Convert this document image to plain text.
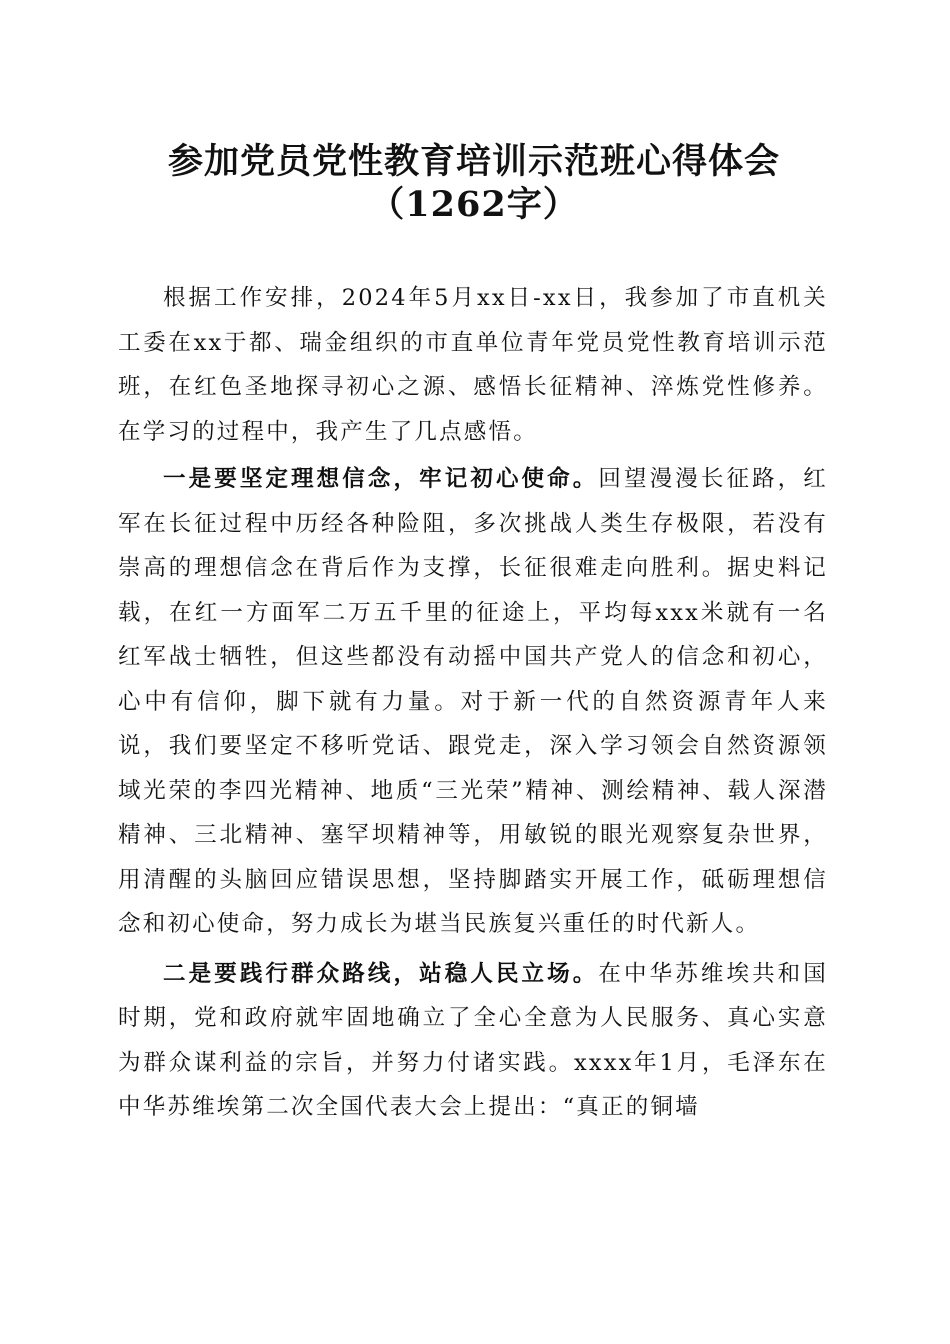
参加党员党性教育培训示范班心得体会（1262字）

根据工作安排，2024年5月xx日-xx日，我参加了市直机关工委在xx于都、瑞金组织的市直单位青年党员党性教育培训示范班，在红色圣地探寻初心之源、感悟长征精神、淬炼党性修养。在学习的过程中，我产生了几点感悟。

一是要坚定理想信念，牢记初心使命。回望漫漫长征路，红军在长征过程中历经各种险阻，多次挑战人类生存极限，若没有崇高的理想信念在背后作为支撑，长征很难走向胜利。据史料记载，在红一方面军二万五千里的征途上，平均每xxx米就有一名红军战士牺牲，但这些都没有动摇中国共产党人的信念和初心，心中有信仰，脚下就有力量。对于新一代的自然资源青年人来说，我们要坚定不移听党话、跟党走，深入学习领会自然资源领域光荣的李四光精神、地质“三光荣”精神、测绘精神、载人深潜精神、三北精神、塞罕坝精神等，用敏锐的眼光观察复杂世界，用清醒的头脑回应错误思想，坚持脚踏实开展工作，砥砺理想信念和初心使命，努力成长为堪当民族复兴重任的时代新人。

二是要践行群众路线，站稳人民立场。在中华苏维埃共和国时期，党和政府就牢固地确立了全心全意为人民服务、真心实意为群众谋利益的宗旨，并努力付诸实践。xxxx年1月，毛泽东在中华苏维埃第二次全国代表大会上提出：“真正的铜墙
